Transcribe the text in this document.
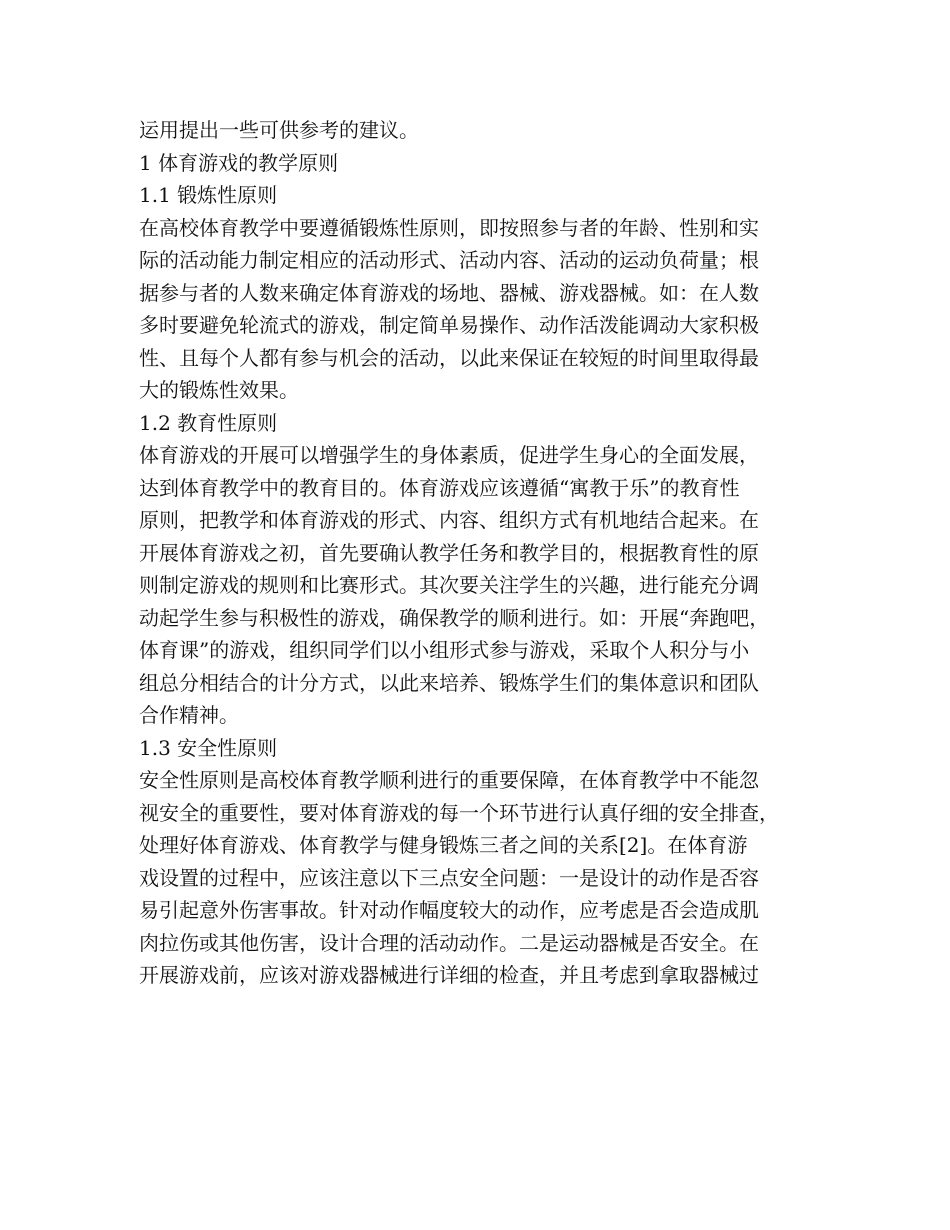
运用提出一些可供参考的建议。
1 体育游戏的教学原则
1.1 锻炼性原则
在高校体育教学中要遵循锻炼性原则，即按照参与者的年龄、性别和实
际的活动能力制定相应的活动形式、活动内容、活动的运动负荷量；根
据参与者的人数来确定体育游戏的场地、器械、游戏器械。如：在人数
多时要避免轮流式的游戏，制定简单易操作、动作活泼能调动大家积极
性、且每个人都有参与机会的活动，以此来保证在较短的时间里取得最
大的锻炼性效果。
1.2 教育性原则
体育游戏的开展可以增强学生的身体素质，促进学生身心的全面发展，
达到体育教学中的教育目的。体育游戏应该遵循“寓教于乐”的教育性
原则，把教学和体育游戏的形式、内容、组织方式有机地结合起来。在
开展体育游戏之初，首先要确认教学任务和教学目的，根据教育性的原
则制定游戏的规则和比赛形式。其次要关注学生的兴趣，进行能充分调
动起学生参与积极性的游戏，确保教学的顺利进行。如：开展“奔跑吧，
体育课”的游戏，组织同学们以小组形式参与游戏，采取个人积分与小
组总分相结合的计分方式，以此来培养、锻炼学生们的集体意识和团队
合作精神。
1.3 安全性原则
安全性原则是高校体育教学顺利进行的重要保障，在体育教学中不能忽
视安全的重要性，要对体育游戏的每一个环节进行认真仔细的安全排查，
处理好体育游戏、体育教学与健身锻炼三者之间的关系[2]。在体育游
戏设置的过程中，应该注意以下三点安全问题：一是设计的动作是否容
易引起意外伤害事故。针对动作幅度较大的动作，应考虑是否会造成肌
肉拉伤或其他伤害，设计合理的活动动作。二是运动器械是否安全。在
开展游戏前，应该对游戏器械进行详细的检查，并且考虑到拿取器械过
